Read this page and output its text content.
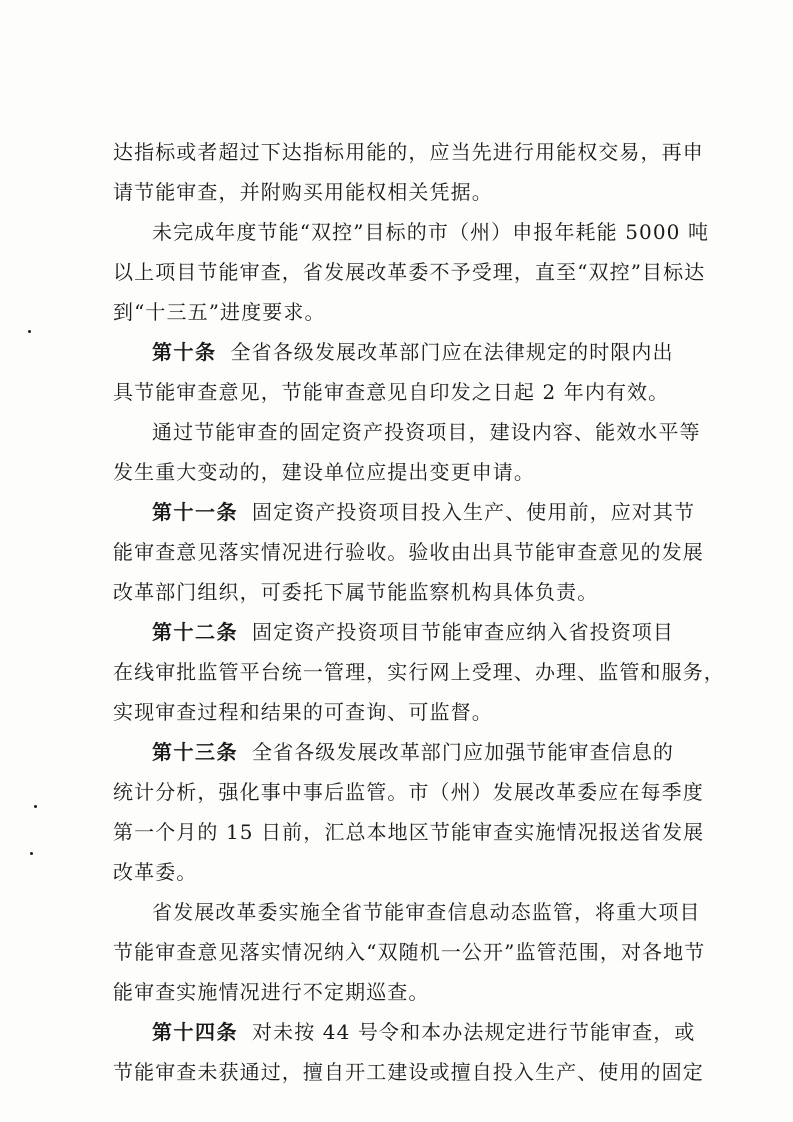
达指标或者超过下达指标用能的，应当先进行用能权交易，再申
请节能审查，并附购买用能权相关凭据。
未完成年度节能“双控”目标的市（州）申报年耗能 5000 吨
以上项目节能审查，省发展改革委不予受理，直至“双控”目标达
到“十三五”进度要求。
第十条 全省各级发展改革部门应在法律规定的时限内出
具节能审查意见，节能审查意见自印发之日起 2 年内有效。
通过节能审查的固定资产投资项目，建设内容、能效水平等
发生重大变动的，建设单位应提出变更申请。
第十一条 固定资产投资项目投入生产、使用前，应对其节
能审查意见落实情况进行验收。验收由出具节能审查意见的发展
改革部门组织，可委托下属节能监察机构具体负责。
第十二条 固定资产投资项目节能审查应纳入省投资项目
在线审批监管平台统一管理，实行网上受理、办理、监管和服务，
实现审查过程和结果的可查询、可监督。
第十三条 全省各级发展改革部门应加强节能审查信息的
统计分析，强化事中事后监管。市（州）发展改革委应在每季度
第一个月的 15 日前，汇总本地区节能审查实施情况报送省发展
改革委。
省发展改革委实施全省节能审查信息动态监管，将重大项目
节能审查意见落实情况纳入“双随机一公开”监管范围，对各地节
能审查实施情况进行不定期巡查。
第十四条 对未按 44 号令和本办法规定进行节能审查，或
节能审查未获通过，擅自开工建设或擅自投入生产、使用的固定
